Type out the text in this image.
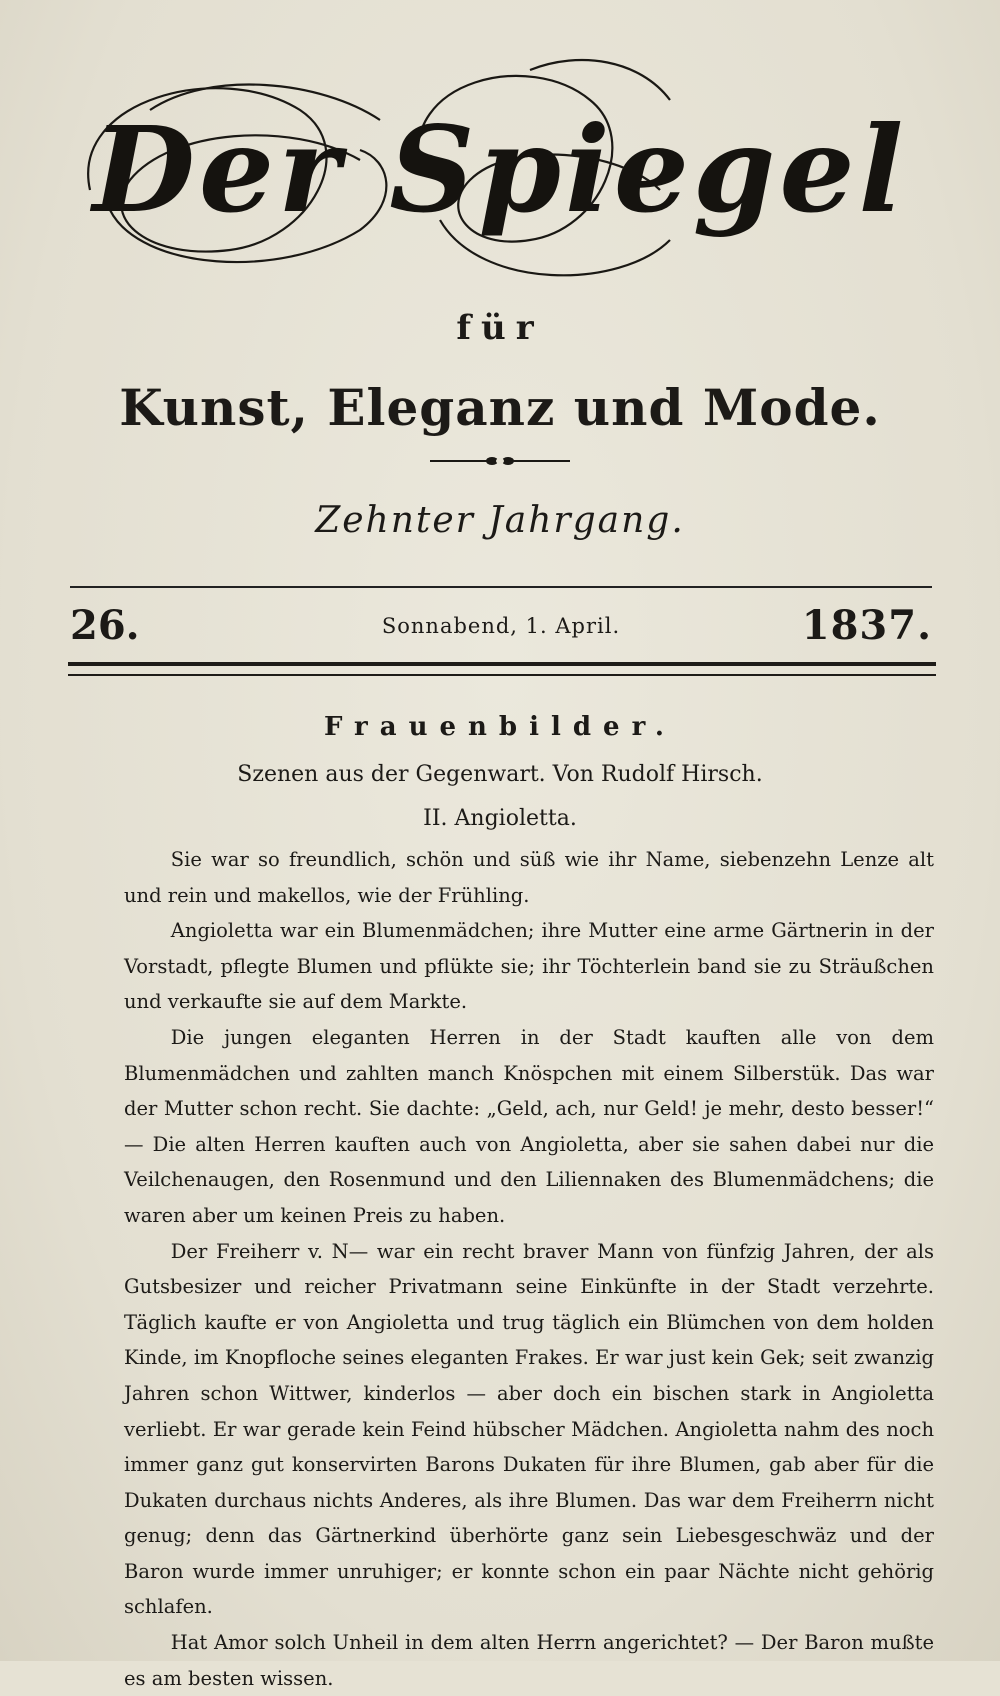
Der Spiegel
für
Kunst, Eleganz und Mode.
Zehnter Jahrgang.
26.	Sonnabend, 1. April.	1837.
Frauenbilder.
Szenen aus der Gegenwart. Von Rudolf Hirsch.
II. Angioletta.

Sie war so freundlich, schön und süß wie ihr Name, siebenzehn Lenze alt und rein und makellos, wie der Frühling.

Angioletta war ein Blumenmädchen; ihre Mutter eine arme Gärtnerin in der Vorstadt, pflegte Blumen und pflükte sie; ihr Töchterlein band sie zu Sträußchen und verkaufte sie auf dem Markte.

Die jungen eleganten Herren in der Stadt kauften alle von dem Blumenmädchen und zahlten manch Knöspchen mit einem Silberstük. Das war der Mutter schon recht. Sie dachte: „Geld, ach, nur Geld! je mehr, desto besser!“ — Die alten Herren kauften auch von Angioletta, aber sie sahen dabei nur die Veilchenaugen, den Rosenmund und den Liliennaken des Blumenmädchens; die waren aber um keinen Preis zu haben.

Der Freiherr v. N— war ein recht braver Mann von fünfzig Jahren, der als Gutsbesizer und reicher Privatmann seine Einkünfte in der Stadt verzehrte. Täglich kaufte er von Angioletta und trug täglich ein Blümchen von dem holden Kinde, im Knopfloche seines eleganten Frakes. Er war just kein Gek; seit zwanzig Jahren schon Wittwer, kinderlos — aber doch ein bischen stark in Angioletta verliebt. Er war gerade kein Feind hübscher Mädchen. Angioletta nahm des noch immer ganz gut konservirten Barons Dukaten für ihre Blumen, gab aber für die Dukaten durchaus nichts Anderes, als ihre Blumen. Das war dem Freiherrn nicht genug; denn das Gärtnerkind überhörte ganz sein Liebesgeschwäz und der Baron wurde immer unruhiger; er konnte schon ein paar Nächte nicht gehörig schlafen.

Hat Amor solch Unheil in dem alten Herrn angerichtet? — Der Baron mußte es am besten wissen.
